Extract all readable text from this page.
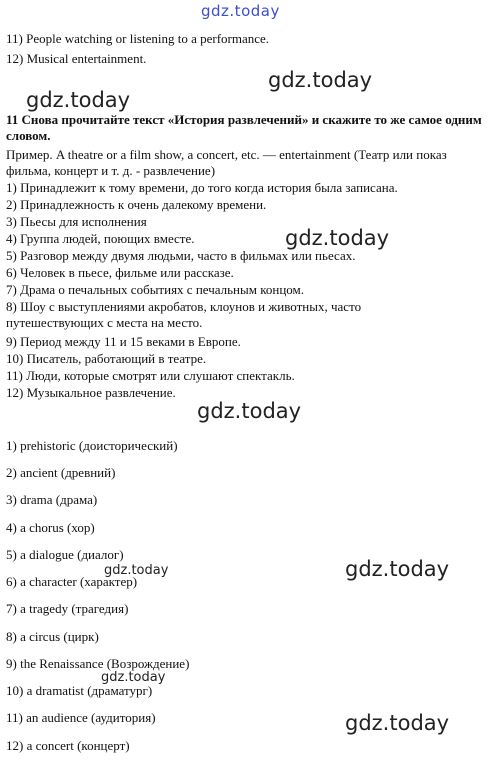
gdz.today
gdz.today
gdz.today
gdz.today
gdz.today
gdz.today
gdz.today
gdz.today
gdz.today
11) People watching or listening to a performance.
12) Musical entertainment.
11 Снова прочитайте текст «История развлечений» и скажите то же самое одним словом.
Пример. A theatre or a film show, a concert, etc. — entertainment (Театр или показ фильма, концерт и т. д. - развлечение)
1) Принадлежит к тому времени, до того когда история была записана.
2) Принадлежность к очень далекому времени.
3) Пьесы для исполнения
4) Группа людей, поющих вместе.
5) Разговор между двумя людьми, часто в фильмах или пьесах.
6) Человек в пьесе, фильме или рассказе.
7) Драма о печальных событиях с печальным концом.
8) Шоу с выступлениями акробатов, клоунов и животных, часто путешествующих с места на место.
9) Период между 11 и 15 веками в Европе.
10) Писатель, работающий в театре.
11) Люди, которые смотрят или слушают спектакль.
12) Музыкальное развлечение.
1) prehistoric (доисторический)
2) ancient (древний)
3) drama (драма)
4) a chorus (хор)
5) a dialogue (диалог)
6) a character (характер)
7) a tragedy (трагедия)
8) a circus (цирк)
9) the Renaissance (Возрождение)
10) a dramatist (драматург)
11) an audience (аудитория)
12) a concert (концерт)
